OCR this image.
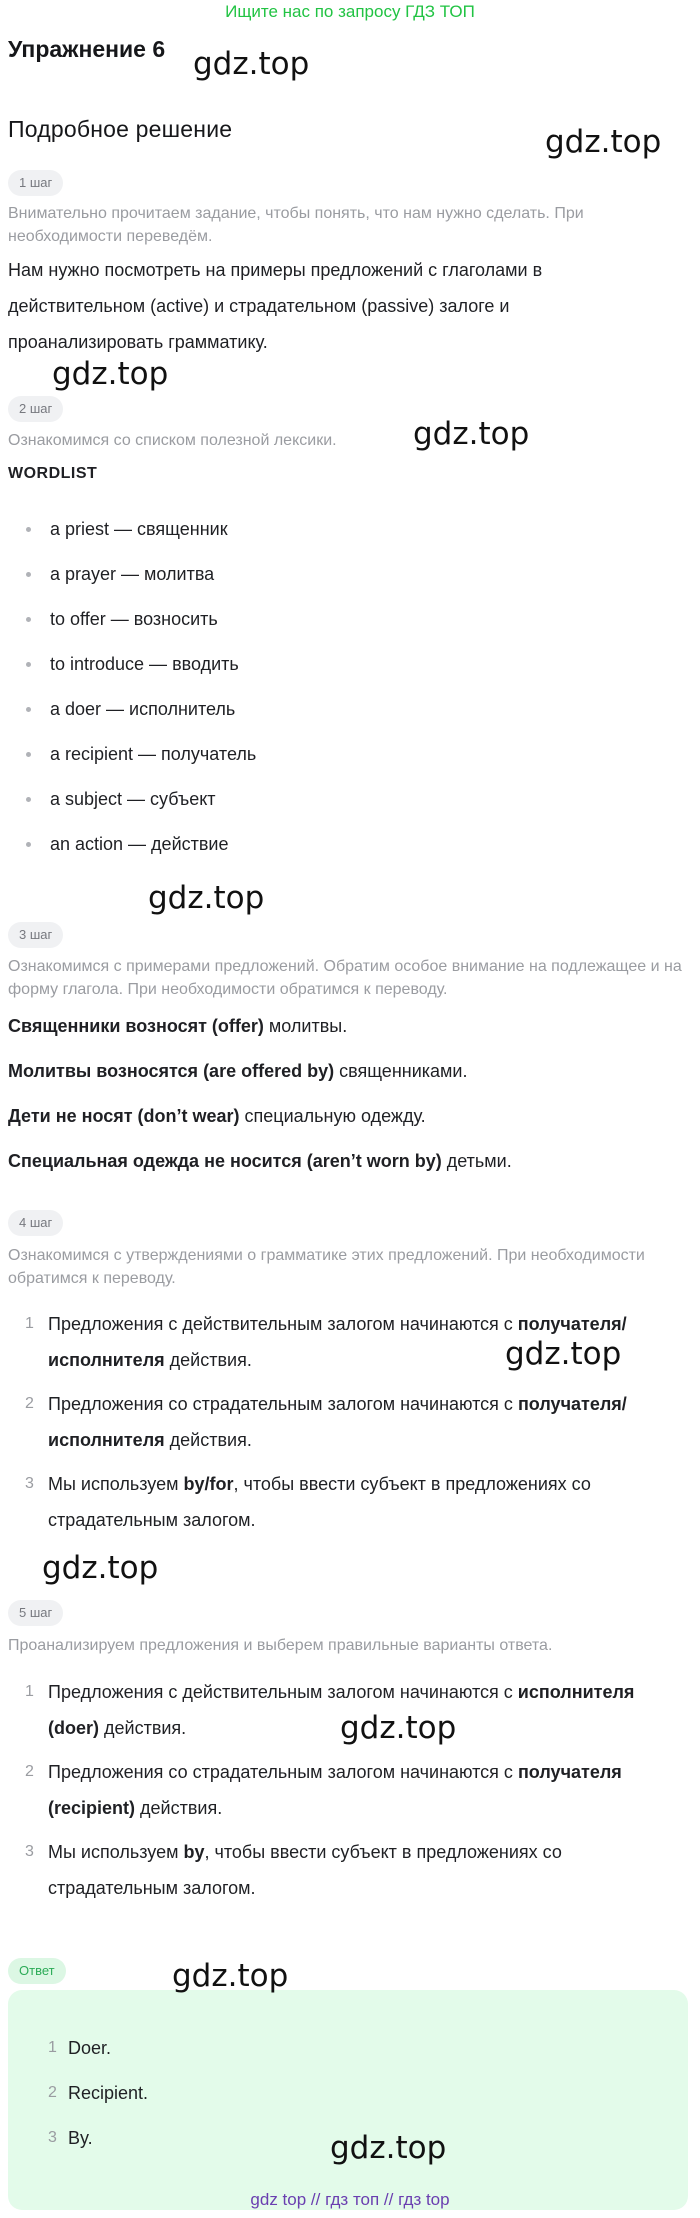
Ищите нас по запросу ГДЗ ТОП
Упражнение 6 gdz.top
Подробное решение	gdz.top
1 шаг
Внимательно прочитаем задание, чтобы понять, что нам нужно сделать. При необходимости переведём.
Нам нужно посмотреть на примеры предложений с глаголами в действительном (active) и страдательном (passive) залоге и проанализировать грамматику.
gdz.top
2 шаг
Ознакомимся со списком полезной лексики.	gdz.top
WORDLIST
a priest — священник
a prayer — молитва
to offer — возносить
to introduce — вводить
a doer — исполнитель
a recipient — получатель
a subject — субъект
an action — действие
gdz.top
3 шаг
Ознакомимся с примерами предложений. Обратим особое внимание на подлежащее и на форму глагола. При необходимости обратимся к переводу.

Священники возносят (offer) молитвы.

Молитвы возносятся (are offered by) священниками.

Дети не носят (don’t wear) специальную одежду.

Специальная одежда не носится (aren’t worn by) детьми.

4 шаг
Ознакомимся с утверждениями о грамматике этих предложений. При необходимости обратимся к переводу.
1 Предложения с действительным залогом начинаются с получателя/ исполнителя действия.
2 Предложения со страдательным залогом начинаются с получателя/ исполнителя действия.
3 Мы используем by/for, чтобы ввести субъект в предложениях со страдательным залогом.
gdz.top
gdz.top
5 шаг
Проанализируем предложения и выберем правильные варианты ответа.
1 Предложения с действительным залогом начинаются с исполнителя (doer) действия.
2 Предложения со страдательным залогом начинаются с получателя (recipient) действия.
3 Мы используем by, чтобы ввести субъект в предложениях со страдательным залогом.
gdz.top
Ответ	gdz.top
1 Doer.
2 Recipient.
3 By.	gdz.top
gdz top // гдз топ // гдз top
